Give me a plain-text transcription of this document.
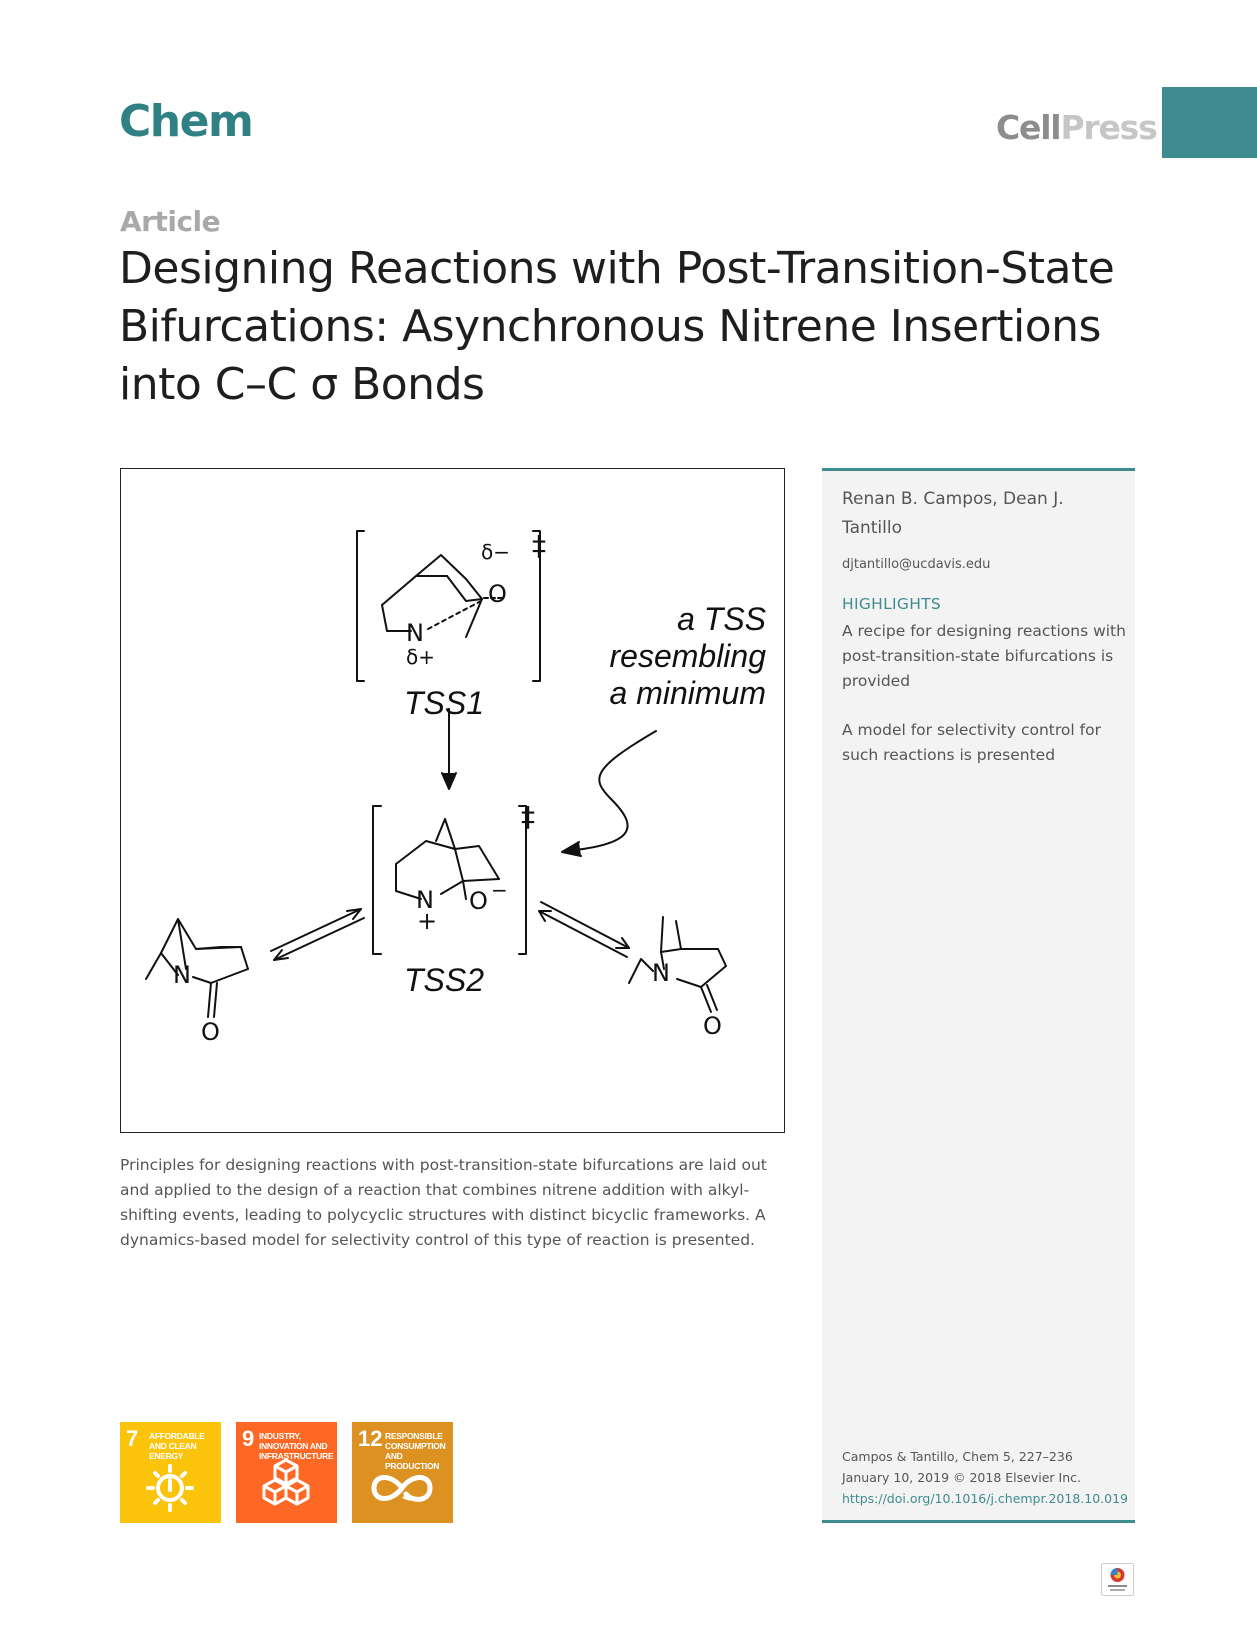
Chem	CellPress
Article
Designing Reactions with Post-Transition-State
Bifurcations: Asynchronous Nitrene Insertions
into C–C σ Bonds
‡
δ−
O
N
δ+
‡
N
+
O −
N
O
N
O
TSS1
TSS2
a TSS
resembling
a minimum

Principles for designing reactions with post-transition-state bifurcations are laid out and applied to the design of a reaction that combines nitrene addition with alkyl-shifting events, leading to polycyclic structures with distinct bicyclic frameworks. A dynamics-based model for selectivity control of this type of reaction is presented.

7 AFFORDABLE AND CLEAN ENERGY
9 INDUSTRY, INNOVATION AND INFRASTRUCTURE
12 RESPONSIBLE CONSUMPTION AND PRODUCTION
Renan B. Campos, Dean J. Tantillo
djtantillo@ucdavis.edu
HIGHLIGHTS
A recipe for designing reactions with post-transition-state bifurcations is provided
A model for selectivity control for such reactions is presented
Campos & Tantillo, Chem 5, 227–236
January 10, 2019 © 2018 Elsevier Inc.
https://doi.org/10.1016/j.chempr.2018.10.019
